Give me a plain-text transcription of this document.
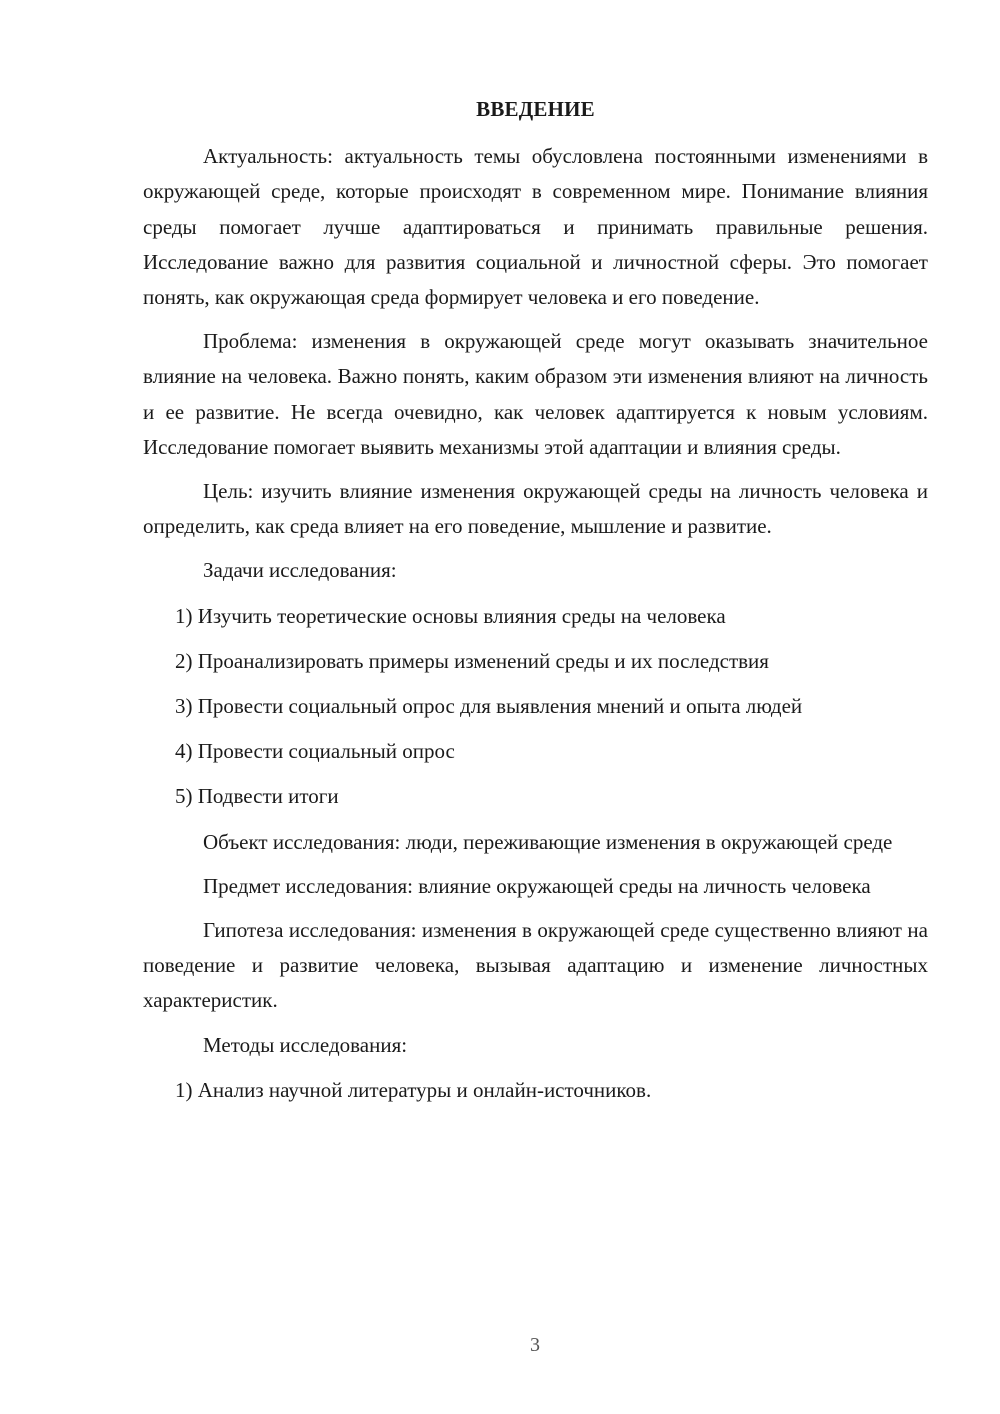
ВВЕДЕНИЕ

Актуальность: актуальность темы обусловлена постоянными изменениями в окружающей среде, которые происходят в современном мире. Понимание влияния среды помогает лучше адаптироваться и принимать правильные решения. Исследование важно для развития социальной и личностной сферы. Это помогает понять, как окружающая среда формирует человека и его поведение.

Проблема: изменения в окружающей среде могут оказывать значительное влияние на человека. Важно понять, каким образом эти изменения влияют на личность и ее развитие. Не всегда очевидно, как человек адаптируется к новым условиям. Исследование помогает выявить механизмы этой адаптации и влияния среды.

Цель: изучить влияние изменения окружающей среды на личность человека и определить, как среда влияет на его поведение, мышление и развитие.

Задачи исследования:

1) Изучить теоретические основы влияния среды на человека
2) Проанализировать примеры изменений среды и их последствия
3) Провести социальный опрос для выявления мнений и опыта людей
4) Провести социальный опрос
5) Подвести итоги

Объект исследования: люди, переживающие изменения в окружающей среде

Предмет исследования: влияние окружающей среды на личность человека

Гипотеза исследования: изменения в окружающей среде существенно влияют на поведение и развитие человека, вызывая адаптацию и изменение личностных характеристик.

Методы исследования:

1) Анализ научной литературы и онлайн-источников.
3
